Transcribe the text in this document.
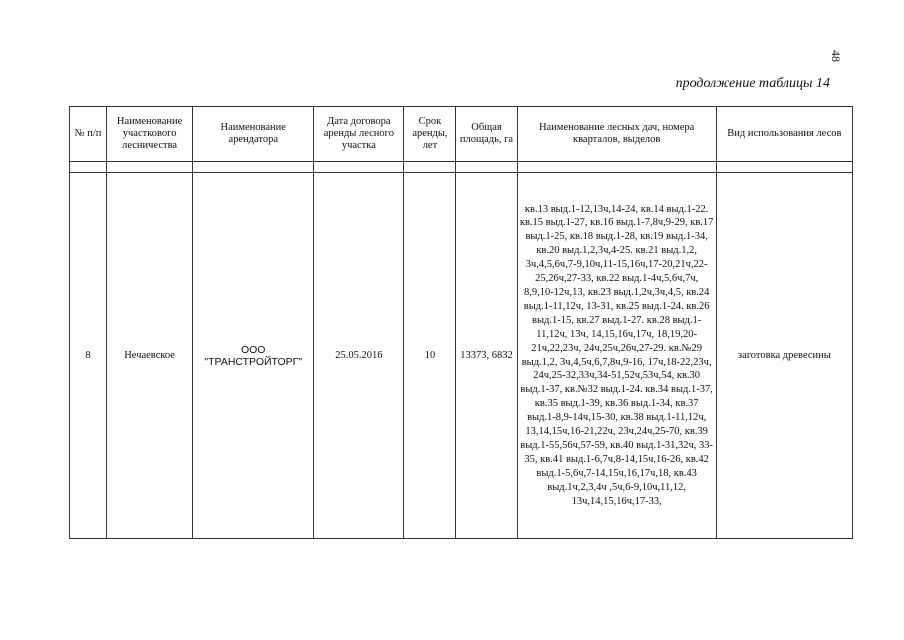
48
продолжение таблицы 14
№ п/п	Наименование участкового лесничества	Наименование арендатора	Дата договора аренды лесного участка	Срок аренды, лет	Общая площадь, га	Наименование лесных дач, номера кварталов, выделов	Вид использования лесов

8	Нечаевское	ООО "ТРАНСТРОЙТОРГ"	25.05.2016	10	13373, 6832	кв.13 выд.1-12,13ч,14-24, кв.14 выд.1-22. кв.15 выд.1-27, кв.16 выд.1-7,8ч,9-29, кв.17 выд.1-25, кв.18 выд.1-28, кв.19 выд.1-34, кв.20 выд.1,2,3ч,4-25. кв.21 выд.1,2, 3ч,4,5,6ч,7-9,10ч,11-15,16ч,17-20,21ч,22-25,26ч,27-33, кв.22 выд.1-4ч,5,6ч,7ч, 8,9,10-12ч,13, кв.23 выд.1,2ч,3ч,4,5, кв.24 выд.1-11,12ч, 13-31, кв.25 выд.1-24. кв.26 выд.1-15, кв.27 выд.1-27. кв.28 выд.1-11,12ч, 13ч, 14,15,16ч,17ч, 18,19,20-21ч,22,23ч, 24ч,25ч,26ч,27-29. кв.№29 выд.1,2, 3ч,4,5ч,6,7,8ч,9-16, 17ч,18-22,23ч, 24ч,25-32,33ч,34-51,52ч,53ч,54, кв.30 выд.1-37, кв.№32 выд.1-24. кв.34 выд.1-37, кв.35 выд.1-39, кв.36 выд.1-34, кв.37 выд.1-8,9-14ч,15-30, кв.38 выд.1-11,12ч, 13,14,15ч,16-21,22ч, 23ч,24ч,25-70, кв.39 выд.1-55,56ч,57-59, кв.40 выд.1-31,32ч, 33-35, кв.41 выд.1-6,7ч,8-14,15ч,16-26, кв.42 выд.1-5,6ч,7-14,15ч,16,17ч,18, кв.43 выд.1ч,2,3,4ч ,5ч,6-9,10ч,11,12, 13ч,14,15,16ч,17-33,	заготовка древесины
